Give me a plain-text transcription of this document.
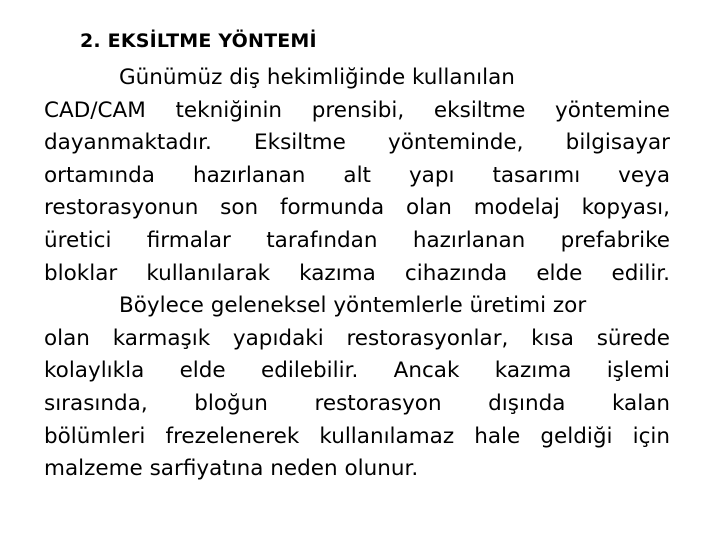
2. EKSİLTME YÖNTEMİ
Günümüz diş hekimliğinde kullanılan
CAD/CAM tekniğinin prensibi, eksiltme yöntemine
dayanmaktadır. Eksiltme yönteminde, bilgisayar
ortamında hazırlanan alt yapı tasarımı veya
restorasyonun son formunda olan modelaj kopyası,
üretici firmalar tarafından hazırlanan prefabrike
bloklar kullanılarak kazıma cihazında elde edilir.
Böylece geleneksel yöntemlerle üretimi zor
olan karmaşık yapıdaki restorasyonlar, kısa sürede
kolaylıkla elde edilebilir. Ancak kazıma işlemi
sırasında, bloğun restorasyon dışında kalan
bölümleri frezelenerek kullanılamaz hale geldiği için
malzeme sarfiyatına neden olunur.
